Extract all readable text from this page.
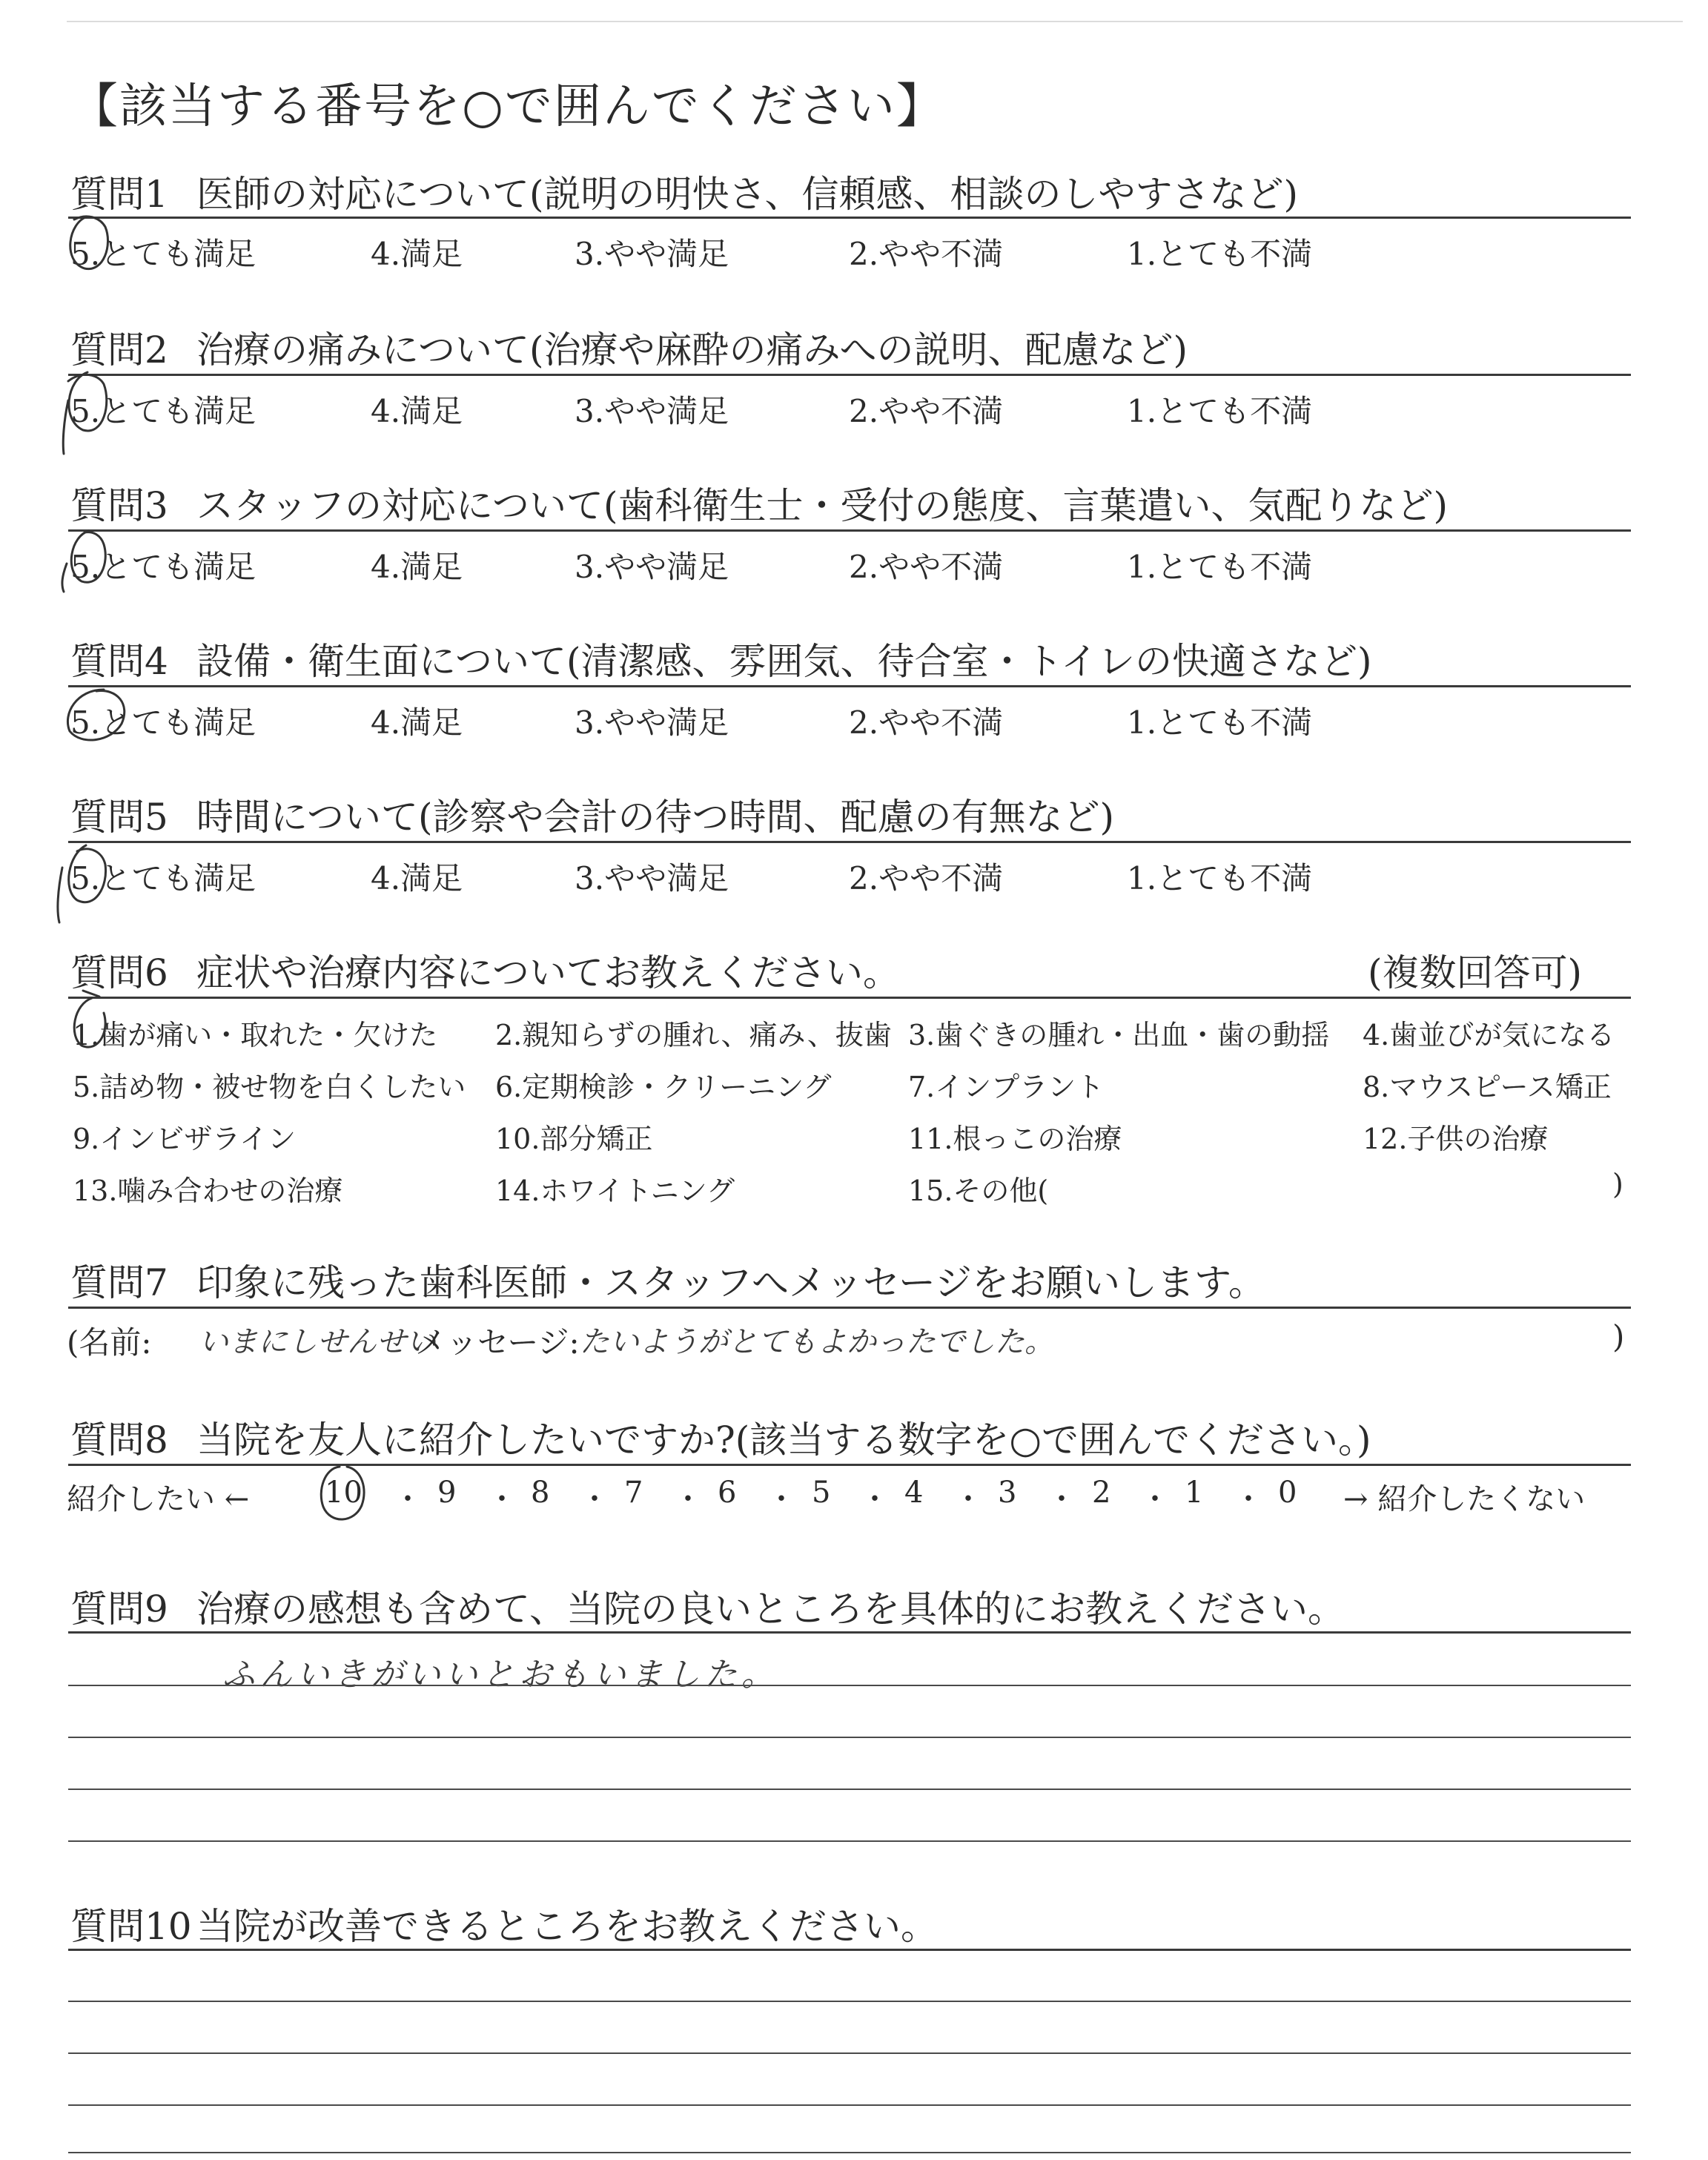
【該当する番号を○で囲んでください】
質問1 医師の対応について(説明の明快さ、信頼感、相談のしやすさなど)
5.とても満足	4.満足	3.やや満足	2.やや不満	1.とても不満
質問2 治療の痛みについて(治療や麻酔の痛みへの説明、配慮など)
5.とても満足	4.満足	3.やや満足	2.やや不満	1.とても不満
質問3 スタッフの対応について(歯科衛生士・受付の態度、言葉遣い、気配りなど)
5.とても満足	4.満足	3.やや満足	2.やや不満	1.とても不満
質問4 設備・衛生面について(清潔感、雰囲気、待合室・トイレの快適さなど)
5.とても満足	4.満足	3.やや満足	2.やや不満	1.とても不満
質問5 時間について(診察や会計の待つ時間、配慮の有無など)
5.とても満足	4.満足	3.やや満足	2.やや不満	1.とても不満
質問6 症状や治療内容についてお教えください。	(複数回答可)
1.歯が痛い・取れた・欠けた 2.親知らずの腫れ、痛み、抜歯 3.歯ぐきの腫れ・出血・歯の動揺 4.歯並びが気になる
5.詰め物・被せ物を白くしたい 6.定期検診・クリーニング	7.インプラント	8.マウスピース矯正
9.インビザライン	10.部分矯正	11.根っこの治療	12.子供の治療
13.噛み合わせの治療	14.ホワイトニング	15.その他(	)
質問7 印象に残った歯科医師・スタッフへメッセージをお願いします。
(名前: いまにしせんせい
メッセージ: たいようがとてもよかったでした。	)
質問8 当院を友人に紹介したいですか?(該当する数字を○で囲んでください。)
紹介したい ←	10 ・ 9 ・ 8 ・ 7 ・ 6 ・ 5 ・ 4 ・ 3 ・ 2 ・ 1 ・ 0 → 紹介したくない
質問9 治療の感想も含めて、当院の良いところを具体的にお教えください。
ふんいきがいいとおもいました。
質問10 当院が改善できるところをお教えください。
